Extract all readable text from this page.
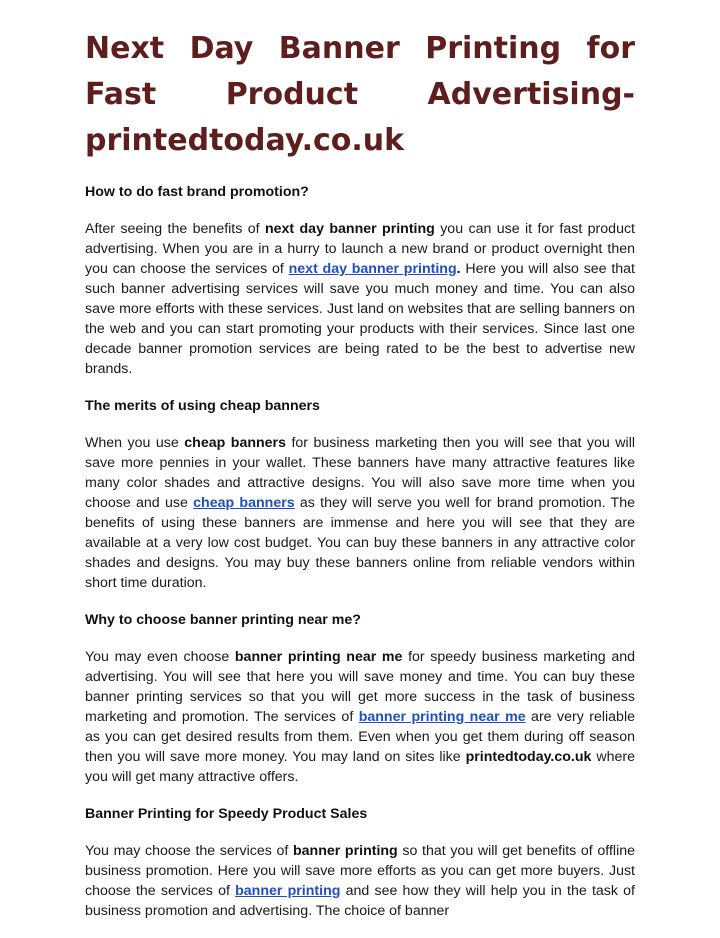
Next Day Banner Printing for
Fast Product Advertising-
printedtoday.co.uk
How to do fast brand promotion?

After seeing the benefits of next day banner printing you can use it for fast product advertising. When you are in a hurry to launch a new brand or product overnight then you can choose the services of next day banner printing. Here you will also see that such banner advertising services will save you much money and time. You can also save more efforts with these services. Just land on websites that are selling banners on the web and you can start promoting your products with their services. Since last one decade banner promotion services are being rated to be the best to advertise new brands.

The merits of using cheap banners

When you use cheap banners for business marketing then you will see that you will save more pennies in your wallet. These banners have many attractive features like many color shades and attractive designs. You will also save more time when you choose and use cheap banners as they will serve you well for brand promotion. The benefits of using these banners are immense and here you will see that they are available at a very low cost budget. You can buy these banners in any attractive color shades and designs. You may buy these banners online from reliable vendors within short time duration.

Why to choose banner printing near me?

You may even choose banner printing near me for speedy business marketing and advertising. You will see that here you will save money and time. You can buy these banner printing services so that you will get more success in the task of business marketing and promotion. The services of banner printing near me are very reliable as you can get desired results from them. Even when you get them during off season then you will save more money. You may land on sites like printedtoday.co.uk where you will get many attractive offers.

Banner Printing for Speedy Product Sales

You may choose the services of banner printing so that you will get benefits of offline business promotion. Here you will save more efforts as you can get more buyers. Just choose the services of banner printing and see how they will help you in the task of business promotion and advertising. The choice of banner
